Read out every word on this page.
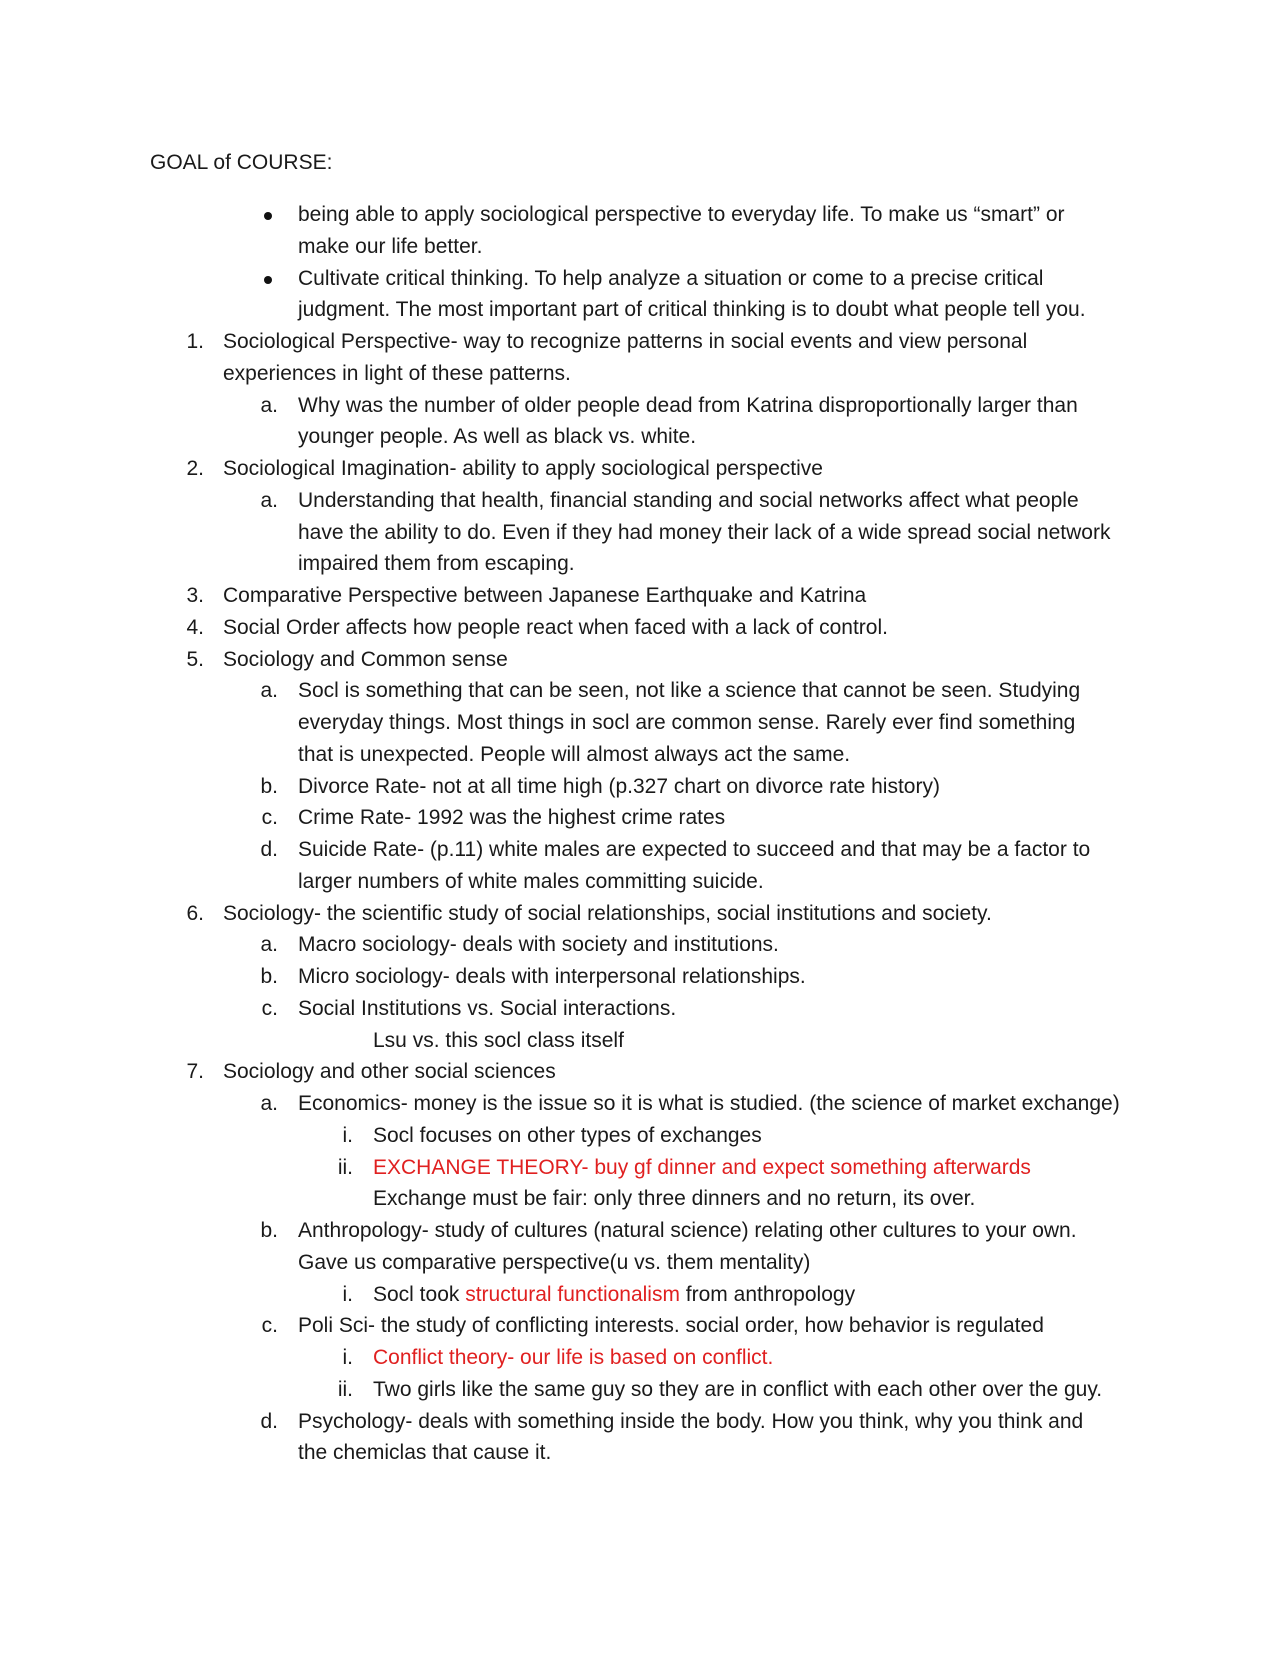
GOAL of COURSE:
being able to apply sociological perspective to everyday life. To make us “smart” or
make our life better.
Cultivate critical thinking. To help analyze a situation or come to a precise critical
judgment. The most important part of critical thinking is to doubt what people tell you.
1. Sociological Perspective- way to recognize patterns in social events and view personal
experiences in light of these patterns.
a. Why was the number of older people dead from Katrina disproportionally larger than
younger people. As well as black vs. white.
2. Sociological Imagination- ability to apply sociological perspective
a. Understanding that health, financial standing and social networks affect what people
have the ability to do. Even if they had money their lack of a wide spread social network
impaired them from escaping.
3. Comparative Perspective between Japanese Earthquake and Katrina
4. Social Order affects how people react when faced with a lack of control.
5. Sociology and Common sense
a. Socl is something that can be seen, not like a science that cannot be seen. Studying
everyday things. Most things in socl are common sense. Rarely ever find something
that is unexpected. People will almost always act the same.
b. Divorce Rate- not at all time high (p.327 chart on divorce rate history)
c. Crime Rate- 1992 was the highest crime rates
d. Suicide Rate- (p.11) white males are expected to succeed and that may be a factor to
larger numbers of white males committing suicide.
6. Sociology- the scientific study of social relationships, social institutions and society.
a. Macro sociology- deals with society and institutions.
b. Micro sociology- deals with interpersonal relationships.
c. Social Institutions vs. Social interactions.
Lsu vs. this socl class itself
7. Sociology and other social sciences
a. Economics- money is the issue so it is what is studied. (the science of market exchange)
i. Socl focuses on other types of exchanges
ii. EXCHANGE THEORY- buy gf dinner and expect something afterwards
Exchange must be fair: only three dinners and no return, its over.
b. Anthropology- study of cultures (natural science) relating other cultures to your own.
Gave us comparative perspective(u vs. them mentality)
i. Socl took structural functionalism from anthropology
c. Poli Sci- the study of conflicting interests. social order, how behavior is regulated
i. Conflict theory- our life is based on conflict.
ii. Two girls like the same guy so they are in conflict with each other over the guy.
d. Psychology- deals with something inside the body. How you think, why you think and
the chemiclas that cause it.
